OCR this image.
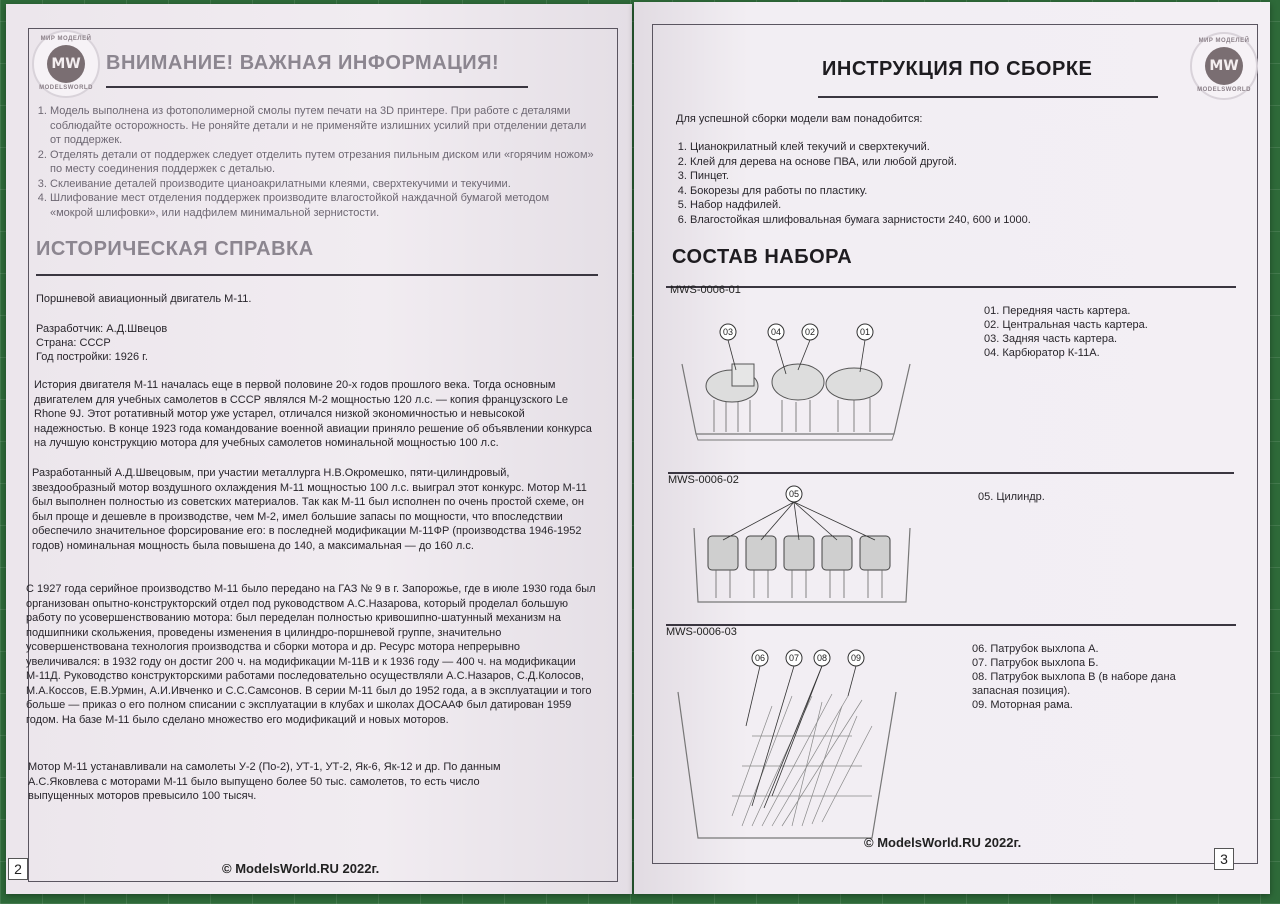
МИР МОДЕЛЕЙ
MW
MODELSWORLD
ВНИМАНИЕ! ВАЖНАЯ ИНФОРМАЦИЯ!
1. Модель выполнена из фотополимерной смолы путем печати на 3D принтере. При работе с деталями соблюдайте осторожность. Не роняйте детали и не применяйте излишних усилий при отделении детали от поддержек.
2. Отделять детали от поддержек следует отделить путем отрезания пильным диском или «горячим ножом» по месту соединения поддержек с деталью.
3. Склеивание деталей производите цианоакрилатными клеями, сверхтекучими и текучими.
4. Шлифование мест отделения поддержек производите влагостойкой наждачной бумагой методом «мокрой шлифовки», или надфилем минимальной зернистости.
ИСТОРИЧЕСКАЯ СПРАВКА
Поршневой авиационный двигатель М-11.
Разработчик: А.Д.Швецов
Страна: СССР
Год постройки: 1926 г.
История двигателя М-11 началась еще в первой половине 20-х годов прошлого века. Тогда основным двигателем для учебных самолетов в СССР являлся М-2 мощностью 120 л.с. — копия французского Le Rhone 9J. Этот ротативный мотор уже устарел, отличался низкой экономичностью и невысокой надежностью. В конце 1923 года командование военной авиации приняло решение об объявлении конкурса на лучшую конструкцию мотора для учебных самолетов номинальной мощностью 100 л.с.
Разработанный А.Д.Швецовым, при участии металлурга Н.В.Окромешко, пяти-цилиндровый, звездообразный мотор воздушного охлаждения М-11 мощностью 100 л.с. выиграл этот конкурс. Мотор М-11 был выполнен полностью из советских материалов. Так как М-11 был исполнен по очень простой схеме, он был проще и дешевле в производстве, чем М-2, имел большие запасы по мощности, что впоследствии обеспечило значительное форсирование его: в последней модификации М-11ФР (производства 1946-1952 годов) номинальная мощность была повышена до 140, а максимальная — до 160 л.с.
С 1927 года серийное производство М-11 было передано на ГАЗ № 9 в г. Запорожье, где в июле 1930 года был организован опытно-конструкторский отдел под руководством А.С.Назарова, который проделал большую работу по усовершенствованию мотора: был переделан полностью кривошипно-шатунный механизм на подшипники скольжения, проведены изменения в цилиндро-поршневой группе, значительно усовершенствована технология производства и сборки мотора и др. Ресурс мотора непрерывно увеличивался: в 1932 году он достиг 200 ч. на модификации М-11В и к 1936 году — 400 ч. на модификации М-11Д. Руководство конструкторскими работами последовательно осуществляли А.С.Назаров, С.Д.Колосов, М.А.Коссов, Е.В.Урмин, А.И.Ивченко и С.С.Самсонов. В серии М-11 был до 1952 года, а в эксплуатации и того больше — приказ о его полном списании с эксплуатации в клубах и школах ДОСААФ был датирован 1959 годом. На базе М-11 было сделано множество его модификаций и новых моторов.
Мотор М-11 устанавливали на самолеты У-2 (По-2), УТ-1, УТ-2, Як-6, Як-12 и др. По данным А.С.Яковлева с моторами М-11 было выпущено более 50 тыс. самолетов, то есть число выпущенных моторов превысило 100 тысяч.
2	© ModelsWorld.RU 2022г.
МИР МОДЕЛЕЙ
MW
MODELSWORLD
ИНСТРУКЦИЯ ПО СБОРКЕ
Для успешной сборки модели вам понадобится:
1. Цианокрилатный клей текучий и сверхтекучий.
2. Клей для дерева на основе ПВА, или любой другой.
3. Пинцет.
4. Бокорезы для работы по пластику.
5. Набор надфилей.
6. Влагостойкая шлифовальная бумага зарнистости 240, 600 и 1000.
СОСТАВ НАБОРА
MWS-0006-01
03	04	02	01
01. Передняя часть картера.
02. Центральная часть картера.
03. Задняя часть картера.
04. Карбюратор К-11А.
MWS-0006-02
05	05. Цилиндр.
MWS-0006-03
06	07 08	09
06. Патрубок выхлопа А.
07. Патрубок выхлопа Б.
08. Патрубок выхлопа В (в наборе дана запасная позиция).
09. Моторная рама.
© ModelsWorld.RU 2022г.
3
